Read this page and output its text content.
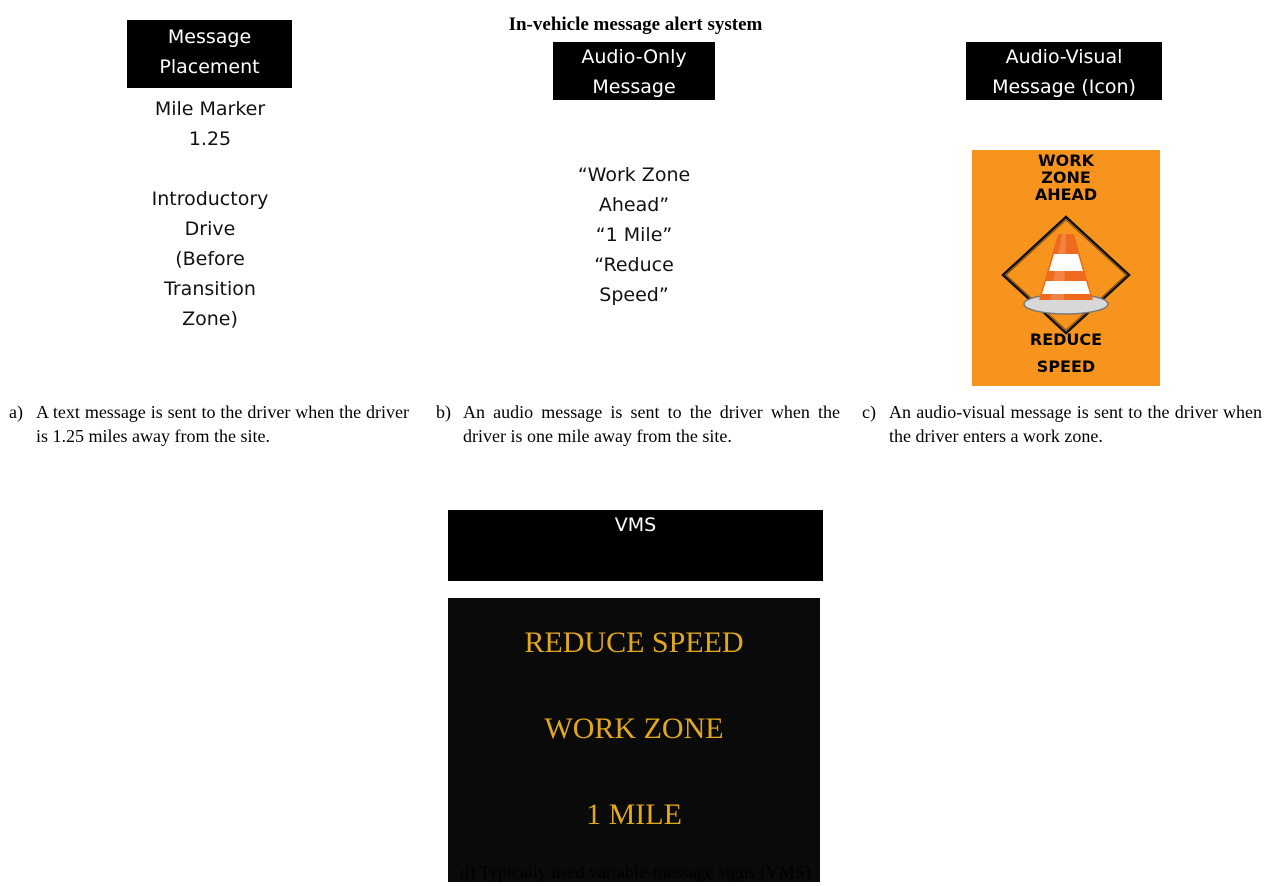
In-vehicle message alert system
Message
Placement
Mile Marker
1.25
Introductory
Drive
(Before
Transition
Zone)
a) A text message is sent to the driver when the driver is 1.25 miles away from the site.
Audio-Only
Message
“Work Zone
Ahead”
“1 Mile”
“Reduce
Speed”
b) An audio message is sent to the driver when the driver is one mile away from the site.
Audio-Visual
Message (Icon)
WORK
ZONE
AHEAD
REDUCE
SPEED
c) An audio-visual message is sent to the driver when the driver enters a work zone.
VMS
REDUCE SPEED
WORK ZONE
1 MILE
d) Typically used variable-message signs (VMS)
